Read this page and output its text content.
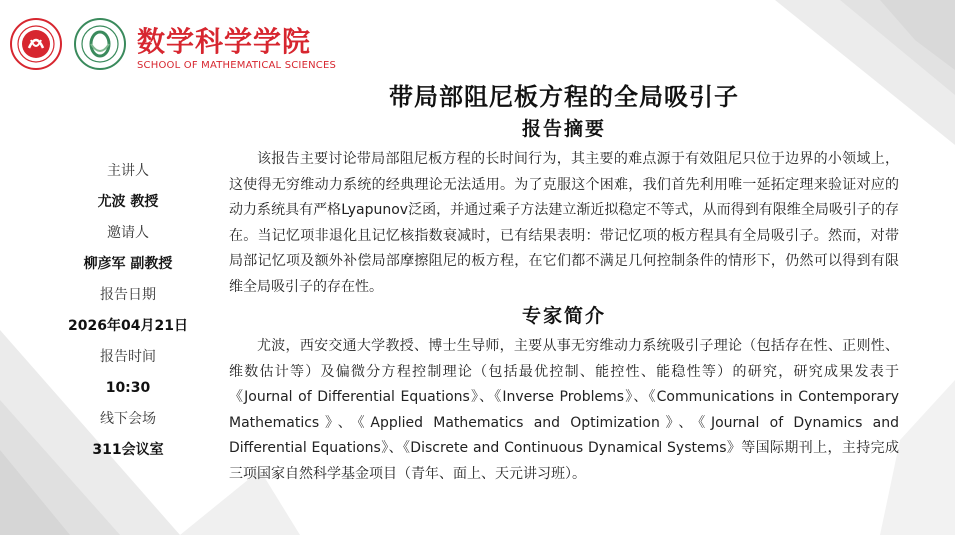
数学科学学院
SCHOOL OF MATHEMATICAL SCIENCES
主讲人
尤波 教授
邀请人
柳彦军 副教授
报告日期
2026年04月21日
报告时间
10:30
线下会场
311会议室
带局部阻尼板方程的全局吸引子
报告摘要

该报告主要讨论带局部阻尼板方程的长时间行为，其主要的难点源于有效阻尼只位于边界的小领域上，这使得无穷维动力系统的经典理论无法适用。为了克服这个困难，我们首先利用唯一延拓定理来验证对应的动力系统具有严格Lyapunov泛函，并通过乘子方法建立渐近拟稳定不等式，从而得到有限维全局吸引子的存在。当记忆项非退化且记忆核指数衰减时，已有结果表明：带记忆项的板方程具有全局吸引子。然而，对带局部记忆项及额外补偿局部摩擦阻尼的板方程，在它们都不满足几何控制条件的情形下，仍然可以得到有限维全局吸引子的存在性。

专家简介

尤波，西安交通大学教授、博士生导师，主要从事无穷维动力系统吸引子理论（包括存在性、正则性、维数估计等）及偏微分方程控制理论（包括最优控制、能控性、能稳性等）的研究，研究成果发表于《Journal of Differential Equations》、《Inverse Problems》、《Communications in Contemporary Mathematics》、《Applied Mathematics and Optimization》、《Journal of Dynamics and Differential Equations》、《Discrete and Continuous Dynamical Systems》等国际期刊上，主持完成三项国家自然科学基金项目（青年、面上、天元讲习班）。
